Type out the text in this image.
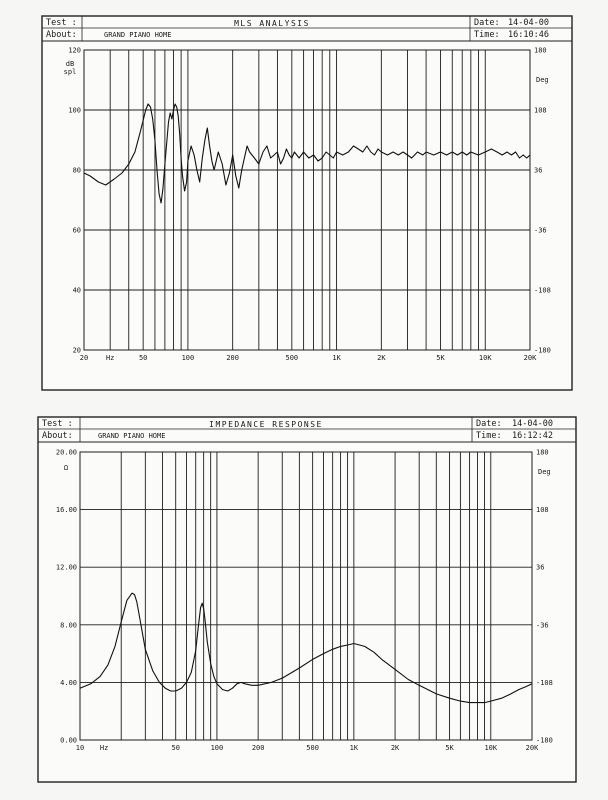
Test :
About:	GRAND PIANO HOME
MLS ANALYSIS	Date: 14-04-00
Time: 16:10:46
120
100
80
60
40
20
180
108
36
-36
-108
-180
dB
spl
Deg
20	Hz	50	100	200	500	1K	2K	5K	10K	20K
Test :
About:	GRAND PIANO HOME
IMPEDANCE RESPONSE	Date: 14-04-00
Time: 16:12:42
20.00
16.00
12.00
8.00
4.00
0.00
180
108
36
-36
-108
-180
Ω	Deg
10 Hz	50	100	200	500	1K	2K	5K	10K	20K
